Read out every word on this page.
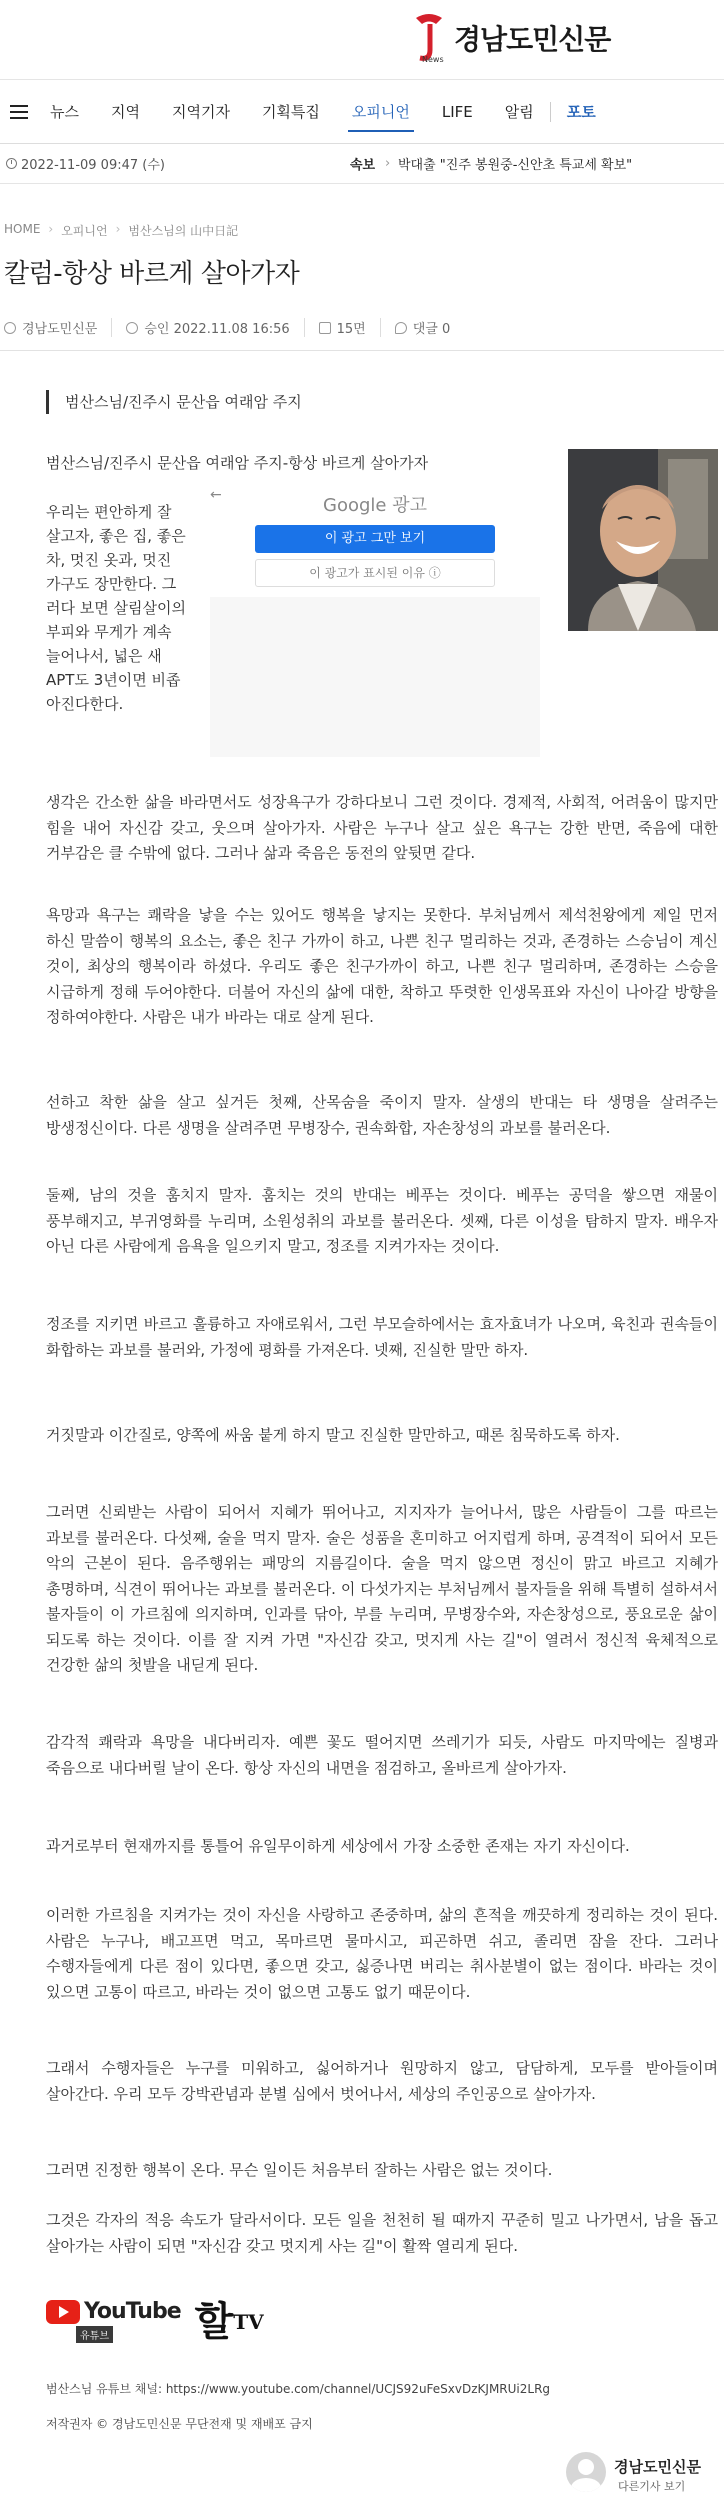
News
경남도민신문
뉴스	지역	지역기자	기획특집	오피니언	LIFE	알림	포토
2022-11-09 09:47 (수)	속보 › 박대출 "진주 봉원중-신안초 특교세 확보"
HOME › 오피니언 › 범산스님의 山中日記
칼럼-항상 바르게 살아가자
경남도민신문	승인 2022.11.08 16:56	15면	댓글 0
범산스님/진주시 문산읍 여래암 주지
범산스님/진주시 문산읍 여래암 주지-항상 바르게 살아가자
우리는 편안하게 잘 살고자, 좋은 집, 좋은 차, 멋진 옷과, 멋진 가구도 장만한다. 그러다 보면 살림살이의 부피와 무게가 계속 늘어나서, 넓은 새 APT도 3년이면 비좁아진다한다.
←	Google 광고
이 광고 그만 보기
이 광고가 표시된 이유 ⓘ
생각은 간소한 삶을 바라면서도 성장욕구가 강하다보니 그런 것이다. 경제적, 사회적, 어려움이 많지만 힘을 내어 자신감 갖고, 웃으며 살아가자. 사람은 누구나 살고 싶은 욕구는 강한 반면, 죽음에 대한 거부감은 클 수밖에 없다. 그러나 삶과 죽음은 동전의 앞뒷면 같다.
욕망과 욕구는 쾌락을 낳을 수는 있어도 행복을 낳지는 못한다. 부처님께서 제석천왕에게 제일 먼저 하신 말씀이 행복의 요소는, 좋은 친구 가까이 하고, 나쁜 친구 멀리하는 것과, 존경하는 스승님이 계신 것이, 최상의 행복이라 하셨다. 우리도 좋은 친구가까이 하고, 나쁜 친구 멀리하며, 존경하는 스승을 시급하게 정해 두어야한다. 더불어 자신의 삶에 대한, 착하고 뚜렷한 인생목표와 자신이 나아갈 방향을 정하여야한다. 사람은 내가 바라는 대로 살게 된다.
선하고 착한 삶을 살고 싶거든 첫째, 산목숨을 죽이지 말자. 살생의 반대는 타 생명을 살려주는 방생정신이다. 다른 생명을 살려주면 무병장수, 권속화합, 자손창성의 과보를 불러온다.
둘째, 남의 것을 훔치지 말자. 훔치는 것의 반대는 베푸는 것이다. 베푸는 공덕을 쌓으면 재물이 풍부해지고, 부귀영화를 누리며, 소원성취의 과보를 불러온다. 셋째, 다른 이성을 탐하지 말자. 배우자 아닌 다른 사람에게 음욕을 일으키지 말고, 정조를 지켜가자는 것이다.
정조를 지키면 바르고 훌륭하고 자애로워서, 그런 부모슬하에서는 효자효녀가 나오며, 육친과 권속들이 화합하는 과보를 불러와, 가정에 평화를 가져온다. 넷째, 진실한 말만 하자.
거짓말과 이간질로, 양쪽에 싸움 붙게 하지 말고 진실한 말만하고, 때론 침묵하도록 하자.
그러면 신뢰받는 사람이 되어서 지혜가 뛰어나고, 지지자가 늘어나서, 많은 사람들이 그를 따르는 과보를 불러온다. 다섯째, 술을 먹지 말자. 술은 성품을 혼미하고 어지럽게 하며, 공격적이 되어서 모든 악의 근본이 된다. 음주행위는 패망의 지름길이다. 술을 먹지 않으면 정신이 맑고 바르고 지혜가 총명하며, 식견이 뛰어나는 과보를 불러온다. 이 다섯가지는 부처님께서 불자들을 위해 특별히 설하셔서 불자들이 이 가르침에 의지하며, 인과를 닦아, 부를 누리며, 무병장수와, 자손창성으로, 풍요로운 삶이 되도록 하는 것이다. 이를 잘 지켜 가면 "자신감 갖고, 멋지게 사는 길"이 열려서 정신적 육체적으로 건강한 삶의 첫발을 내딛게 된다.
감각적 쾌락과 욕망을 내다버리자. 예쁜 꽃도 떨어지면 쓰레기가 되듯, 사람도 마지막에는 질병과 죽음으로 내다버릴 날이 온다. 항상 자신의 내면을 점검하고, 올바르게 살아가자.
과거로부터 현재까지를 통틀어 유일무이하게 세상에서 가장 소중한 존재는 자기 자신이다.
이러한 가르침을 지켜가는 것이 자신을 사랑하고 존중하며, 삶의 흔적을 깨끗하게 정리하는 것이 된다. 사람은 누구나, 배고프면 먹고, 목마르면 물마시고, 피곤하면 쉬고, 졸리면 잠을 잔다. 그러나 수행자들에게 다른 점이 있다면, 좋으면 갖고, 싫증나면 버리는 취사분별이 없는 점이다. 바라는 것이 있으면 고통이 따르고, 바라는 것이 없으면 고통도 없기 때문이다.
그래서 수행자들은 누구를 미워하고, 싫어하거나 원망하지 않고, 담담하게, 모두를 받아들이며 살아간다. 우리 모두 강박관념과 분별 심에서 벗어나서, 세상의 주인공으로 살아가자.
그러면 진정한 행복이 온다. 무슨 일이든 처음부터 잘하는 사람은 없는 것이다.
그것은 각자의 적응 속도가 달라서이다. 모든 일을 천천히 될 때까지 꾸준히 밀고 나가면서, 남을 돕고 살아가는 사람이 되면 "자신감 갖고 멋지게 사는 길"이 활짝 열리게 된다.
YouTube
유튜브	할$^{TV}$
범산스님 유튜브 채널: https://www.youtube.com/channel/UCJS92uFeSxvDzKJMRUi2LRg
저작권자 © 경남도민신문 무단전재 및 재배포 금지
경남도민신문
다른기사 보기
